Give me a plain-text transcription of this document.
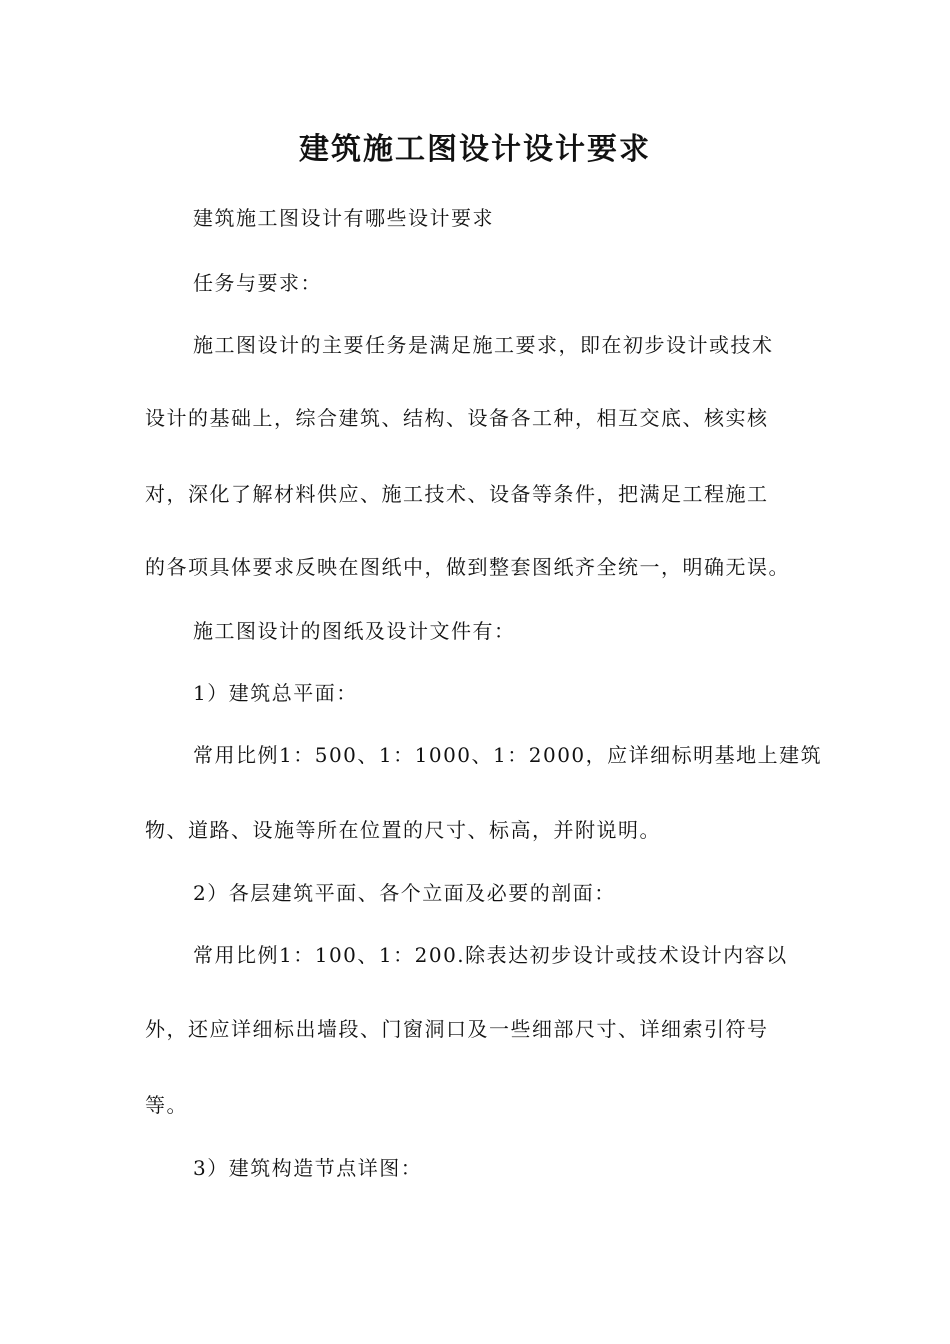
建筑施工图设计设计要求

建筑施工图设计有哪些设计要求

任务与要求：

施工图设计的主要任务是满足施工要求，即在初步设计或技术

设计的基础上，综合建筑、结构、设备各工种，相互交底、核实核

对，深化了解材料供应、施工技术、设备等条件，把满足工程施工

的各项具体要求反映在图纸中，做到整套图纸齐全统一，明确无误。

施工图设计的图纸及设计文件有：

1）建筑总平面：

常用比例1：500、1：1000、1：2000，应详细标明基地上建筑

物、道路、设施等所在位置的尺寸、标高，并附说明。

2）各层建筑平面、各个立面及必要的剖面：

常用比例1：100、1：200.除表达初步设计或技术设计内容以

外，还应详细标出墙段、门窗洞口及一些细部尺寸、详细索引符号

等。

3）建筑构造节点详图：
